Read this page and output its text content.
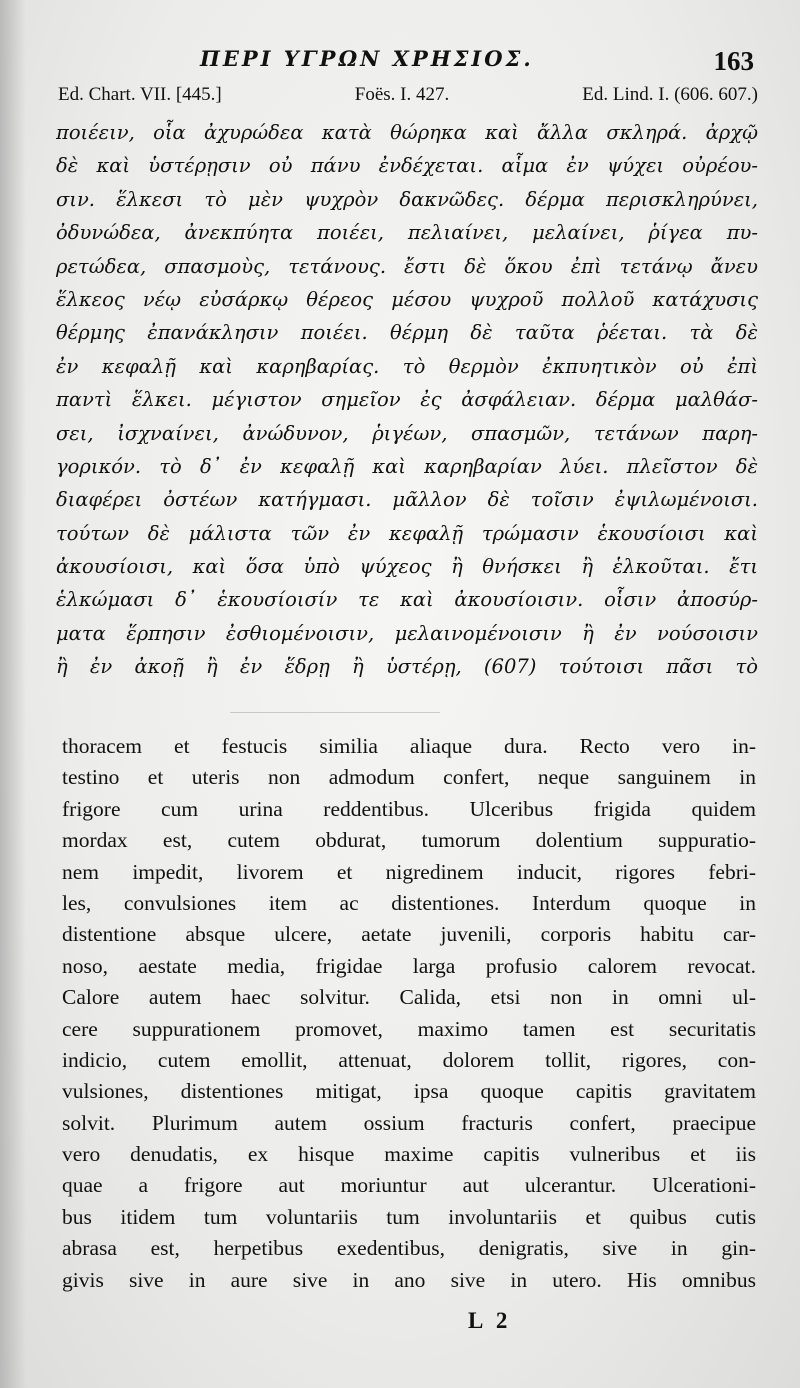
ΠΕΡΙ ΥΓΡΩΝ ΧΡΗΣΙΟΣ.	163
Ed. Chart. VII. [445.]	Foës. I. 427.	Ed. Lind. I. (606. 607.)
ποιέειν, οἷα ἀχυρώδεα κατὰ θώρηκα καὶ ἄλλα σκληρά. ἀρχῷ
δὲ καὶ ὑστέρῃσιν οὐ πάνυ ἐνδέχεται. αἷμα ἐν ψύχει οὐρέου-
σιν. ἕλκεσι τὸ μὲν ψυχρὸν δακνῶδες. δέρμα περισκληρύνει,
ὀδυνώδεα, ἀνεκπύητα ποιέει, πελιαίνει, μελαίνει, ῥίγεα πυ-
ρετώδεα, σπασμοὺς, τετάνους. ἔστι δὲ ὅκου ἐπὶ τετάνῳ ἄνευ
ἕλκεος νέῳ εὐσάρκῳ θέρεος μέσου ψυχροῦ πολλοῦ κατάχυσις
θέρμης ἐπανάκλησιν ποιέει. θέρμη δὲ ταῦτα ῥέεται. τὰ δὲ
ἐν κεφαλῇ καὶ καρηβαρίας. τὸ θερμὸν ἐκπυητικὸν οὐ ἐπὶ
παντὶ ἕλκει. μέγιστον σημεῖον ἐς ἀσφάλειαν. δέρμα μαλθάσ-
σει, ἰσχναίνει, ἀνώδυνον, ῥιγέων, σπασμῶν, τετάνων παρη-
γορικόν. τὸ δ᾽ ἐν κεφαλῇ καὶ καρηβαρίαν λύει. πλεῖστον δὲ
διαφέρει ὀστέων κατήγμασι. μᾶλλον δὲ τοῖσιν ἐψιλωμένοισι.
τούτων δὲ μάλιστα τῶν ἐν κεφαλῇ τρώμασιν ἑκουσίοισι καὶ
ἀκουσίοισι, καὶ ὅσα ὑπὸ ψύχεος ἢ θνήσκει ἢ ἑλκοῦται. ἔτι
ἑλκώμασι δ᾽ ἑκουσίοισίν τε καὶ ἀκουσίοισιν. οἷσιν ἀποσύρ-
ματα ἕρπησιν ἐσθιομένοισιν, μελαινομένοισιν ἢ ἐν νούσοισιν
ἢ ἐν ἀκοῇ ἢ ἐν ἕδρῃ ἢ ὑστέρῃ, (607) τούτοισι πᾶσι τὸ
thoracem et festucis similia aliaque dura. Recto vero in-
testino et uteris non admodum confert, neque sanguinem in
frigore cum urina reddentibus. Ulceribus frigida quidem
mordax est, cutem obdurat, tumorum dolentium suppuratio-
nem impedit, livorem et nigredinem inducit, rigores febri-
les, convulsiones item ac distentiones. Interdum quoque in
distentione absque ulcere, aetate juvenili, corporis habitu car-
noso, aestate media, frigidae larga profusio calorem revocat.
Calore autem haec solvitur. Calida, etsi non in omni ul-
cere suppurationem promovet, maximo tamen est securitatis
indicio, cutem emollit, attenuat, dolorem tollit, rigores, con-
vulsiones, distentiones mitigat, ipsa quoque capitis gravitatem
solvit. Plurimum autem ossium fracturis confert, praecipue
vero denudatis, ex hisque maxime capitis vulneribus et iis
quae a frigore aut moriuntur aut ulcerantur. Ulcerationi-
bus itidem tum voluntariis tum involuntariis et quibus cutis
abrasa est, herpetibus exedentibus, denigratis, sive in gin-
givis sive in aure sive in ano sive in utero. His omnibus
L 2
